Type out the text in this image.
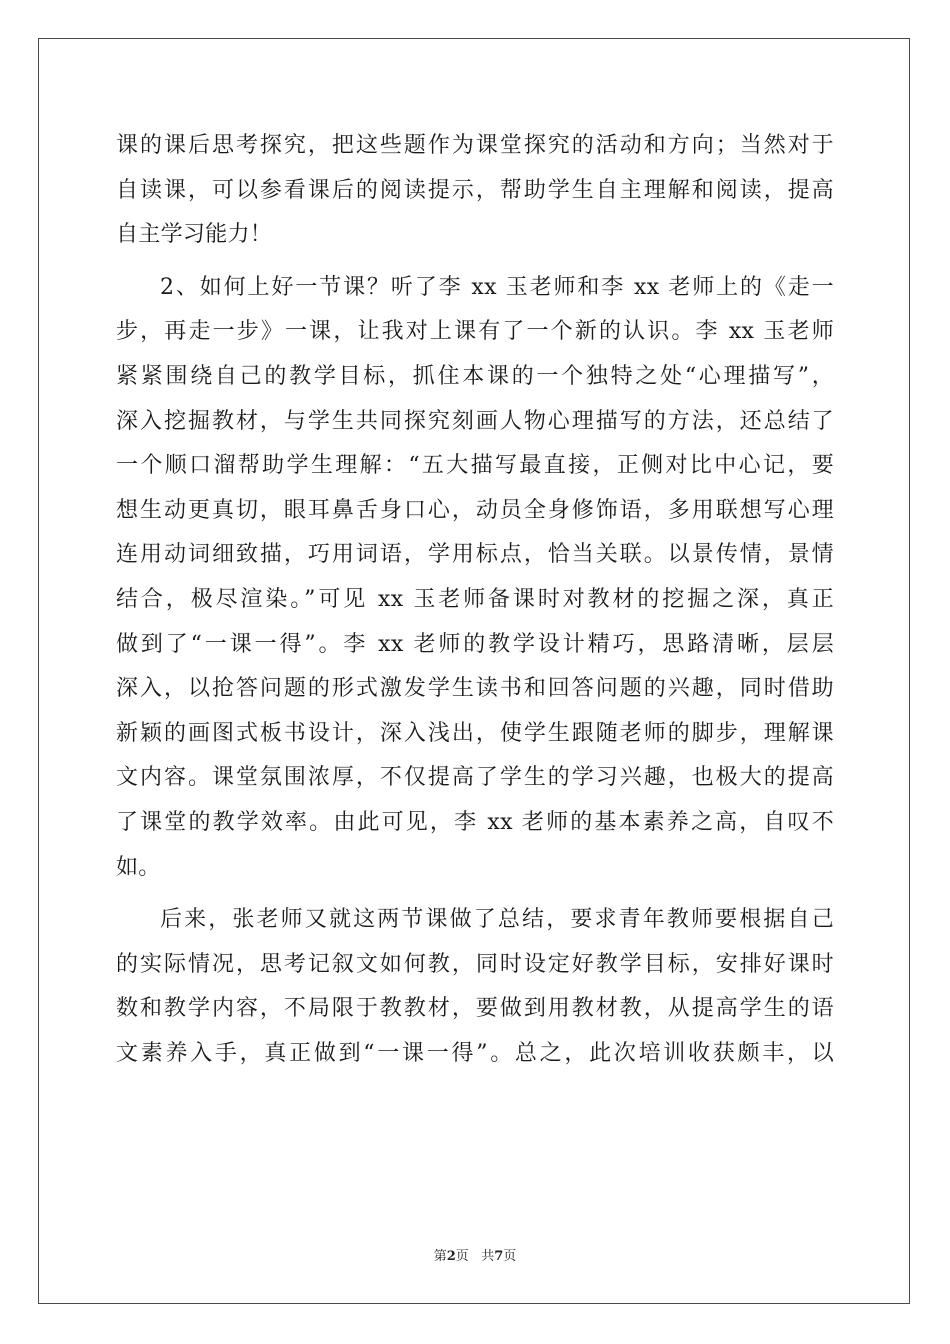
课的课后思考探究，把这些题作为课堂探究的活动和方向；当然对于
自读课，可以参看课后的阅读提示，帮助学生自主理解和阅读，提高
自主学习能力！
2、如何上好一节课？听了李 xx 玉老师和李 xx 老师上的《走一
步，再走一步》一课，让我对上课有了一个新的认识。李 xx 玉老师
紧紧围绕自己的教学目标，抓住本课的一个独特之处“心理描写”，
深入挖掘教材，与学生共同探究刻画人物心理描写的方法，还总结了
一个顺口溜帮助学生理解：“五大描写最直接，正侧对比中心记，要
想生动更真切，眼耳鼻舌身口心，动员全身修饰语，多用联想写心理
连用动词细致描，巧用词语，学用标点，恰当关联。以景传情，景情
结合，极尽渲染。”可见 xx 玉老师备课时对教材的挖掘之深，真正
做到了“一课一得”。李 xx 老师的教学设计精巧，思路清晰，层层
深入，以抢答问题的形式激发学生读书和回答问题的兴趣，同时借助
新颖的画图式板书设计，深入浅出，使学生跟随老师的脚步，理解课
文内容。课堂氛围浓厚，不仅提高了学生的学习兴趣，也极大的提高
了课堂的教学效率。由此可见，李 xx 老师的基本素养之高，自叹不
如。
后来，张老师又就这两节课做了总结，要求青年教师要根据自己
的实际情况，思考记叙文如何教，同时设定好教学目标，安排好课时
数和教学内容，不局限于教教材，要做到用教材教，从提高学生的语
文素养入手，真正做到“一课一得”。总之，此次培训收获颇丰，以
第2页 共7页
